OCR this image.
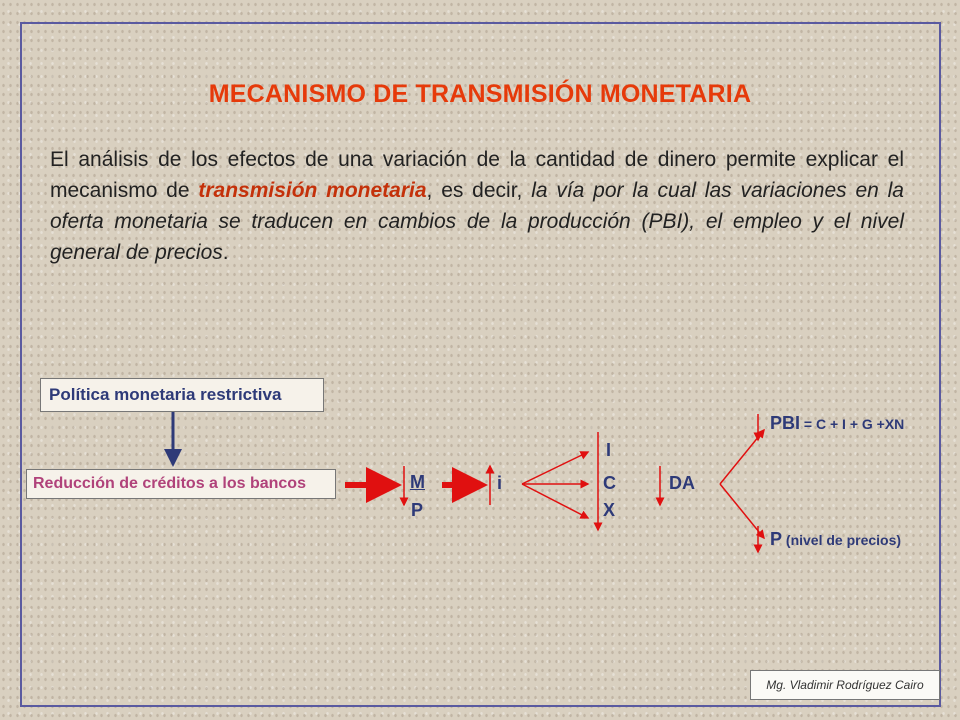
MECANISMO DE TRANSMISIÓN MONETARIA
El análisis de los efectos de una variación de la cantidad de dinero permite explicar el mecanismo de transmisión monetaria, es decir, la vía por la cual las variaciones en la oferta monetaria se traducen en cambios de la producción (PBI), el empleo y el nivel general de precios.
Política monetaria restrictiva
Reducción de créditos a los bancos	M
P
i
I
C
X
DA
PBI = C + I + G +XN
P (nivel de precios)
Mg. Vladimir Rodríguez Cairo
